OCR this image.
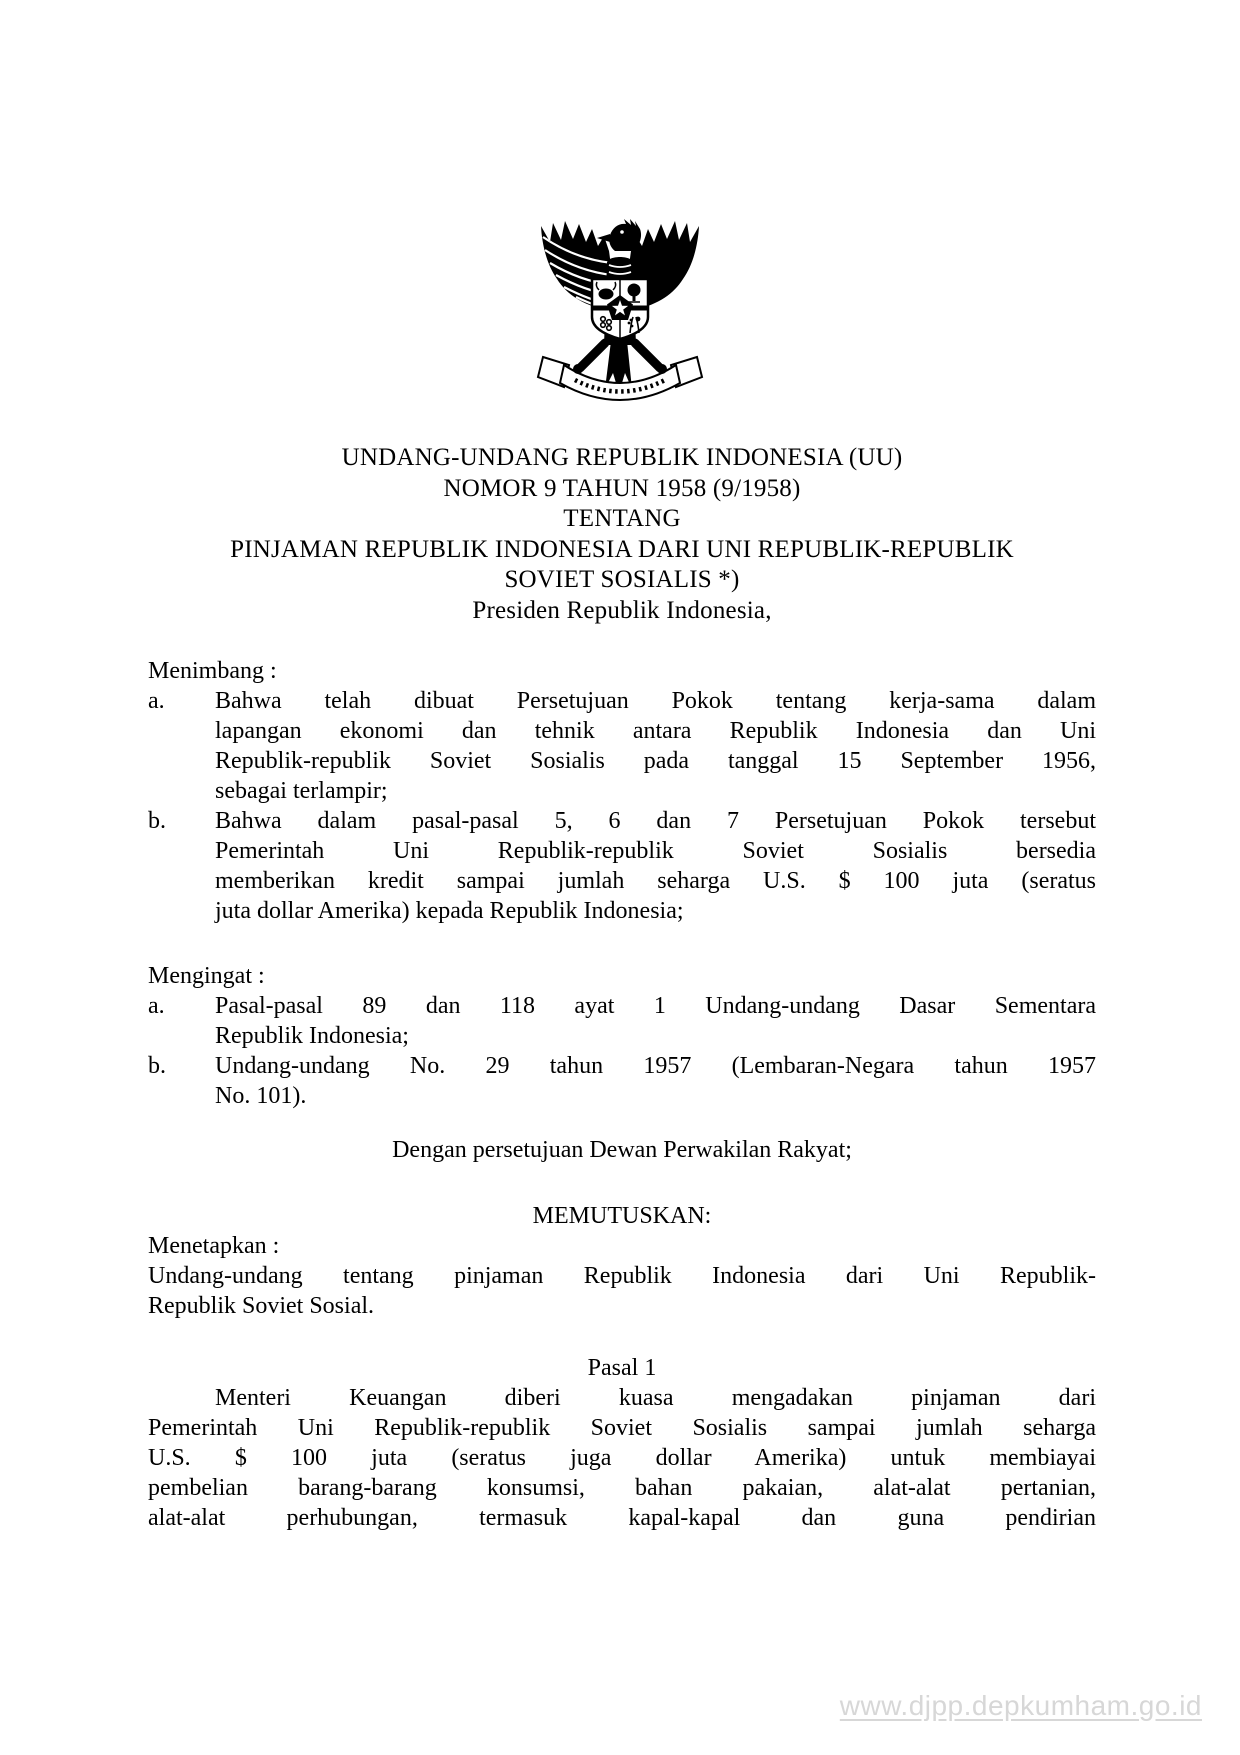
UNDANG-UNDANG REPUBLIK INDONESIA (UU)
NOMOR 9 TAHUN 1958 (9/1958)
TENTANG
PINJAMAN REPUBLIK INDONESIA DARI UNI REPUBLIK-REPUBLIK
SOVIET SOSIALIS *)
Presiden Republik Indonesia,
Menimbang :
a. Bahwa telah dibuat Persetujuan Pokok tentang kerja-sama dalam
lapangan ekonomi dan tehnik antara Republik Indonesia dan Uni
Republik-republik Soviet Sosialis pada tanggal 15 September 1956,
sebagai terlampir;
b. Bahwa dalam pasal-pasal 5, 6 dan 7 Persetujuan Pokok tersebut
Pemerintah Uni Republik-republik Soviet Sosialis bersedia
memberikan kredit sampai jumlah seharga U.S. $ 100 juta (seratus
juta dollar Amerika) kepada Republik Indonesia;
Mengingat :
a. Pasal-pasal 89 dan 118 ayat 1 Undang-undang Dasar Sementara
Republik Indonesia;
b. Undang-undang No. 29 tahun 1957 (Lembaran-Negara tahun 1957
No. 101).
Dengan persetujuan Dewan Perwakilan Rakyat;
MEMUTUSKAN:
Menetapkan :
Undang-undang tentang pinjaman Republik Indonesia dari Uni Republik-
Republik Soviet Sosial.
Pasal 1
Menteri Keuangan diberi kuasa mengadakan pinjaman dari
Pemerintah Uni Republik-republik Soviet Sosialis sampai jumlah seharga
U.S. $ 100 juta (seratus juga dollar Amerika) untuk membiayai
pembelian barang-barang konsumsi, bahan pakaian, alat-alat pertanian,
alat-alat perhubungan, termasuk kapal-kapal dan guna pendirian
www.djpp.depkumham.go.id
